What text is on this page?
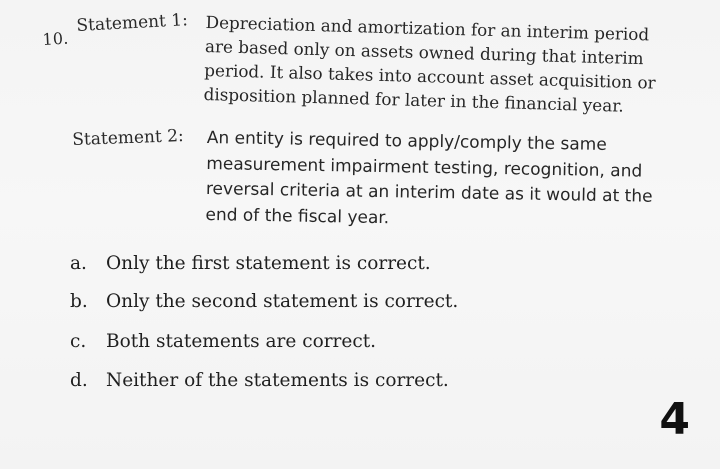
10.
Statement 1: Depreciation and amortization for an interim period
are based only on assets owned during that interim
period. It also takes into account asset acquisition or
disposition planned for later in the financial year.
Statement 2: An entity is required to apply/comply the same
measurement impairment testing, recognition, and
reversal criteria at an interim date as it would at the
end of the fiscal year.
a.	Only the first statement is correct.
b. Only the second statement is correct.
c.	Both statements are correct.
d. Neither of the statements is correct.
4
